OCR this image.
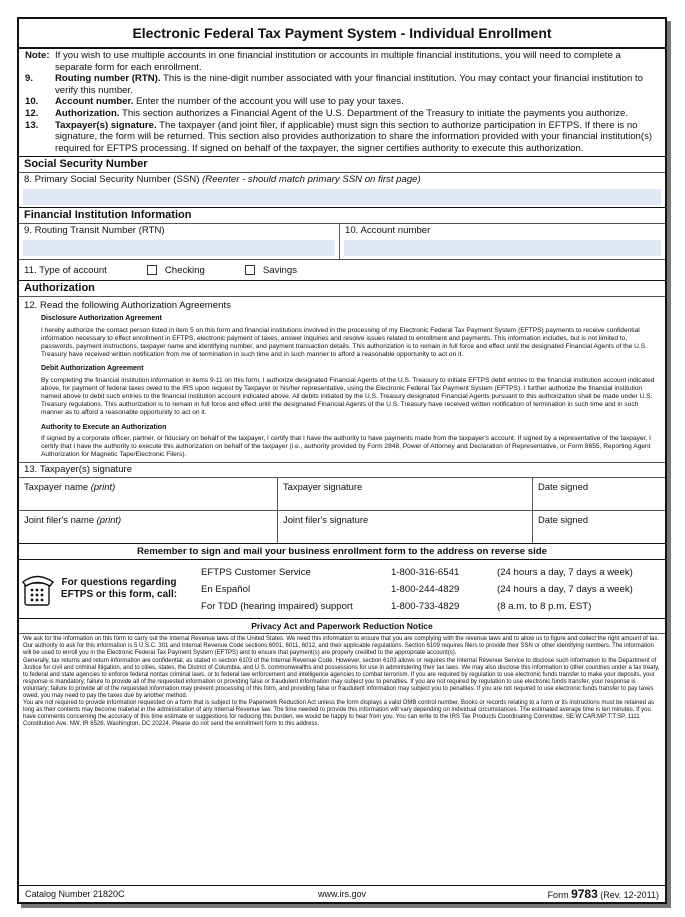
Electronic Federal Tax Payment System - Individual Enrollment
Note: If you wish to use multiple accounts in one financial institution or accounts in multiple financial institutions, you will need to complete a separate form for each enrollment.
9.	Routing number (RTN). This is the nine-digit number associated with your financial institution. You may contact your financial institution to verify this number.
10.	Account number. Enter the number of the account you will use to pay your taxes.
12.	Authorization. This section authorizes a Financial Agent of the U.S. Department of the Treasury to initiate the payments you authorize.
13.	Taxpayer(s) signature. The taxpayer (and joint filer, if applicable) must sign this section to authorize participation in EFTPS. If there is no signature, the form will be returned. This section also provides authorization to share the information provided with your financial institution(s) required for EFTPS processing. If signed on behalf of the taxpayer, the signer certifies authority to execute this authorization.
Social Security Number
8. Primary Social Security Number (SSN) (Reenter - should match primary SSN on first page)
Financial Institution Information
9. Routing Transit Number (RTN)	10. Account number
11. Type of account	Checking	Savings
Authorization
12. Read the following Authorization Agreements
Disclosure Authorization Agreement
I hereby authorize the contact person listed in item 5 on this form and financial institutions involved in the processing of my Electronic Federal Tax Payment System (EFTPS) payments to receive confidential information necessary to effect enrollment in EFTPS, electronic payment of taxes, answer inquiries and resolve issues related to enrollment and payments. This information includes, but is not limited to, passwords, payment instructions, taxpayer name and identifying number, and payment transaction details. This authorization is to remain in full force and effect until the designated Financial Agents of the U.S. Treasury have received written notification from me of termination in such time and in such manner to afford a reasonable opportunity to act on it.
Debit Authorization Agreement
By completing the financial institution information in items 9-11 on this form, I authorize designated Financial Agents of the U.S. Treasury to initiate EFTPS debit entries to the financial institution account indicated above, for payment of federal taxes owed to the IRS upon request by Taxpayer or his/her representative, using the Electronic Federal Tax Payment System (EFTPS). I further authorize the financial institution named above to debit such entries to the financial institution account indicated above. All debits initiated by the U.S. Treasury designated Financial Agents pursuant to this authorization shall be made under U.S. Treasury regulations. This authorization is to remain in full force and effect until the designated Financial Agents of the U.S. Treasury have received written notification of termination in such time and in such manner as to afford a reasonable opportunity to act on it.
Authority to Execute an Authorization
If signed by a corporate officer, partner, or fiduciary on behalf of the taxpayer, I certify that I have the authority to have payments made from the taxpayer's account. If signed by a representative of the taxpayer, I certify that I have the authority to execute this authorization on behalf of the taxpayer (i.e., authority provided by Form 2848, Power of Attorney and Declaration of Representative, or Form 8655, Reporting Agent Authorization for Magnetic Tape/Electronic Filers).
13. Taxpayer(s) signature
Taxpayer name (print)	Taxpayer signature	Date signed
Joint filer's name (print)	Joint filer's signature	Date signed
Remember to sign and mail your business enrollment form to the address on reverse side
For questions regarding EFTPS or this form, call:
EFTPS Customer Service	1-800-316-6541	(24 hours a day, 7 days a week)
En Español	1-800-244-4829	(24 hours a day, 7 days a week)
For TDD (hearing impaired) support	1-800-733-4829	(8 a.m. to 8 p.m. EST)
Privacy Act and Paperwork Reduction Notice
We ask for the information on this form to carry out the Internal Revenue laws of the United States. We need this information to ensure that you are complying with the revenue laws and to allow us to figure and collect the right amount of tax. Our authority to ask for this information is 5 U.S.C. 301 and Internal Revenue Code sections 6001, 6011, 6012, and their applicable regulations. Section 6109 requires filers to provide their SSN or other identifying numbers. The information will be used to enroll you in the Electronic Federal Tax Payment System (EFTPS) and to ensure that payment(s) are properly credited to the appropriate account(s).
Generally, tax returns and return information are confidential, as stated in section 6103 of the Internal Revenue Code. However, section 6103 allows or requires the Internal Revenue Service to disclose such information to the Department of Justice for civil and criminal litigation, and to cities, states, the District of Columbia, and U.S. commonwealths and possessions for use in administering their tax laws. We may also disclose this information to other countries under a tax treaty, to federal and state agencies to enforce federal nontax criminal laws, or to federal law enforcement and intelligence agencies to combat terrorism. If you are required by regulation to use electronic funds transfer to make your deposits, your response is mandatory; failure to provide all of the requested information or providing false or fraudulent information may subject you to penalties. If you are not required by regulation to use electronic funds transfer, your response is voluntary; failure to provide all of the requested information may prevent processing of this form, and providing false or fraudulent information may subject you to penalties. If you are not required to use electronic funds transfer to pay taxes owed, you may need to pay the taxes due by another method.
You are not required to provide information requested on a form that is subject to the Paperwork Reduction Act unless the form displays a valid OMB control number. Books or records relating to a form or its instructions must be retained as long as their contents may become material in the administration of any Internal Revenue law. The time needed to provide this information will vary depending on individual circumstances. The estimated average time is ten minutes. If you have comments concerning the accuracy of this time estimate or suggestions for reducing this burden, we would be happy to hear from you. You can write to the IRS Tax Products Coordinating Committee, SE:W:CAR:MP:T:T:SP, 1111 Constitution Ave. NW, IR 6526, Washington, DC 20224. Please do not send the enrollment form to this address.
Catalog Number 21820C	www.irs.gov	Form 9783 (Rev. 12-2011)
